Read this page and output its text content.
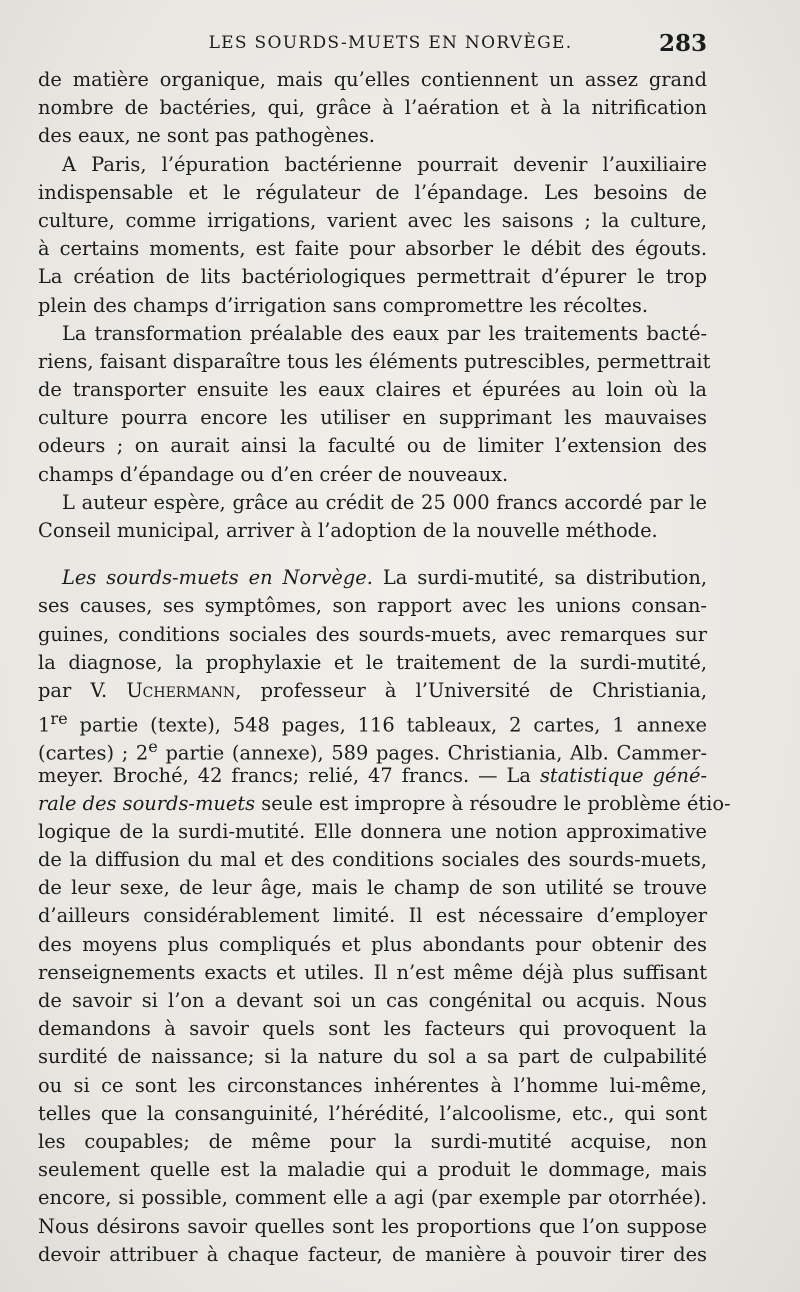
LES SOURDS-MUETS EN NORVÈGE.	283
de matière organique, mais qu’elles contiennent un assez grand
nombre de bactéries, qui, grâce à l’aération et à la nitrification
des eaux, ne sont pas pathogènes.
A Paris, l’épuration bactérienne pourrait devenir l’auxiliaire
indispensable et le régulateur de l’épandage. Les besoins de
culture, comme irrigations, varient avec les saisons ; la culture,
à certains moments, est faite pour absorber le débit des égouts.
La création de lits bactériologiques permettrait d’épurer le trop
plein des champs d’irrigation sans compromettre les récoltes.
La transformation préalable des eaux par les traitements bacté-
riens, faisant disparaître tous les éléments putrescibles, permettrait
de transporter ensuite les eaux claires et épurées au loin où la
culture pourra encore les utiliser en supprimant les mauvaises
odeurs ; on aurait ainsi la faculté ou de limiter l’extension des
champs d’épandage ou d’en créer de nouveaux.
L auteur espère, grâce au crédit de 25 000 francs accordé par le
Conseil municipal, arriver à l’adoption de la nouvelle méthode.
Les sourds-muets en Norvège. La surdi-mutité, sa distribution,
ses causes, ses symptômes, son rapport avec les unions consan-
guines, conditions sociales des sourds-muets, avec remarques sur
la diagnose, la prophylaxie et le traitement de la surdi-mutité,
par V. Uchermann, professeur à l’Université de Christiania,
1re partie (texte), 548 pages, 116 tableaux, 2 cartes, 1 annexe
(cartes) ; 2e partie (annexe), 589 pages. Christiania, Alb. Cammer-
meyer. Broché, 42 francs; relié, 47 francs. — La statistique géné-
rale des sourds-muets seule est impropre à résoudre le problème étio-
logique de la surdi-mutité. Elle donnera une notion approximative
de la diffusion du mal et des conditions sociales des sourds-muets,
de leur sexe, de leur âge, mais le champ de son utilité se trouve
d’ailleurs considérablement limité. Il est nécessaire d’employer
des moyens plus compliqués et plus abondants pour obtenir des
renseignements exacts et utiles. Il n’est même déjà plus suffisant
de savoir si l’on a devant soi un cas congénital ou acquis. Nous
demandons à savoir quels sont les facteurs qui provoquent la
surdité de naissance; si la nature du sol a sa part de culpabilité
ou si ce sont les circonstances inhérentes à l’homme lui-même,
telles que la consanguinité, l’hérédité, l’alcoolisme, etc., qui sont
les coupables; de même pour la surdi-mutité acquise, non
seulement quelle est la maladie qui a produit le dommage, mais
encore, si possible, comment elle a agi (par exemple par otorrhée).
Nous désirons savoir quelles sont les proportions que l’on suppose
devoir attribuer à chaque facteur, de manière à pouvoir tirer des
